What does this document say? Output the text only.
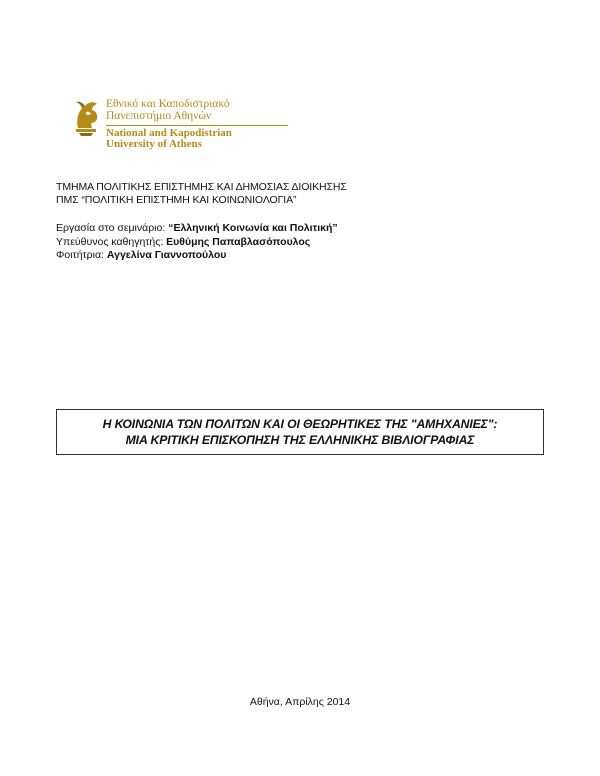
Εθνικό και Καποδιστριακό
Πανεπιστήμιο Αθηνών
National and Kapodistrian
University of Athens
ΤΜΗΜΑ ΠΟΛΙΤΙΚΗΣ ΕΠΙΣΤΗΜΗΣ ΚΑΙ ΔΗΜΟΣΙΑΣ ΔΙΟΙΚΗΣΗΣ
ΠΜΣ “ΠΟΛΙΤΙΚΗ ΕΠΙΣΤΗΜΗ ΚΑΙ ΚΟΙΝΩΝΙΟΛΟΓΙΑ”
Εργασία στο σεμινάριο: “Ελληνική Κοινωνία και Πολιτική”
Υπεύθυνος καθηγητής: Ευθύμης Παπαβλασόπουλος
Φοιτήτρια: Αγγελίνα Γιαννοπούλου
Η ΚΟΙΝΩΝΙΑ ΤΩΝ ΠΟΛΙΤΩΝ ΚΑΙ ΟΙ ΘΕΩΡΗΤΙΚΕΣ ΤΗΣ "ΑΜΗΧΑΝΙΕΣ":
ΜΙΑ ΚΡΙΤΙΚΗ ΕΠΙΣΚΟΠΗΣΗ ΤΗΣ ΕΛΛΗΝΙΚΗΣ ΒΙΒΛΙΟΓΡΑΦΙΑΣ
Αθήνα, Απρίλης 2014
